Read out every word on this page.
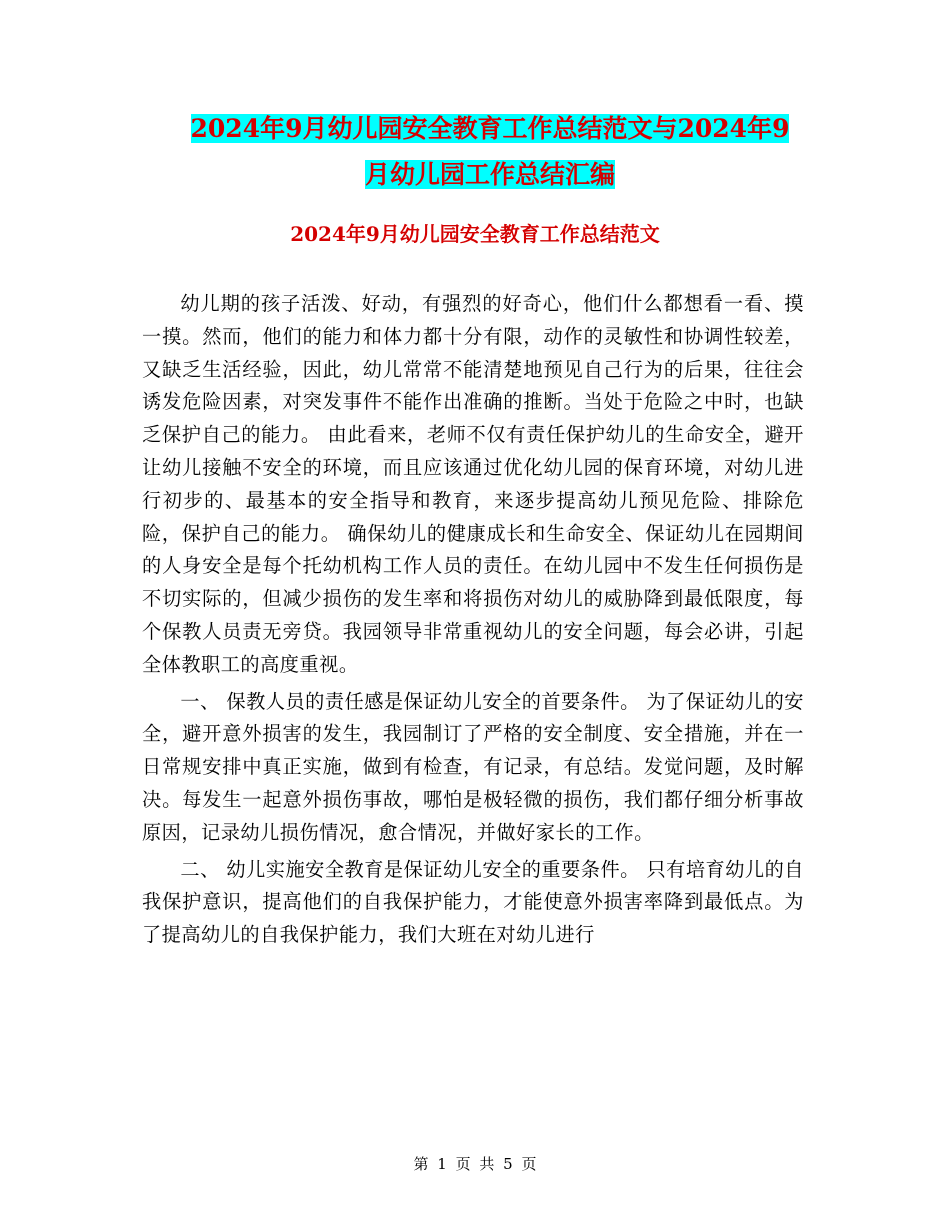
2024年9月幼儿园安全教育工作总结范文与2024年9
月幼儿园工作总结汇编
2024年9月幼儿园安全教育工作总结范文

幼儿期的孩子活泼、好动，有强烈的好奇心，他们什么都想看一看、摸一摸。然而，他们的能力和体力都十分有限，动作的灵敏性和协调性较差，又缺乏生活经验，因此，幼儿常常不能清楚地预见自己行为的后果，往往会诱发危险因素，对突发事件不能作出准确的推断。当处于危险之中时，也缺乏保护自己的能力。 由此看来，老师不仅有责任保护幼儿的生命安全，避开让幼儿接触不安全的环境，而且应该通过优化幼儿园的保育环境，对幼儿进行初步的、最基本的安全指导和教育，来逐步提高幼儿预见危险、排除危险，保护自己的能力。 确保幼儿的健康成长和生命安全、保证幼儿在园期间的人身安全是每个托幼机构工作人员的责任。在幼儿园中不发生任何损伤是不切实际的，但减少损伤的发生率和将损伤对幼儿的威胁降到最低限度，每个保教人员责无旁贷。我园领导非常重视幼儿的安全问题，每会必讲，引起全体教职工的高度重视。

一、 保教人员的责任感是保证幼儿安全的首要条件。 为了保证幼儿的安全，避开意外损害的发生，我园制订了严格的安全制度、安全措施，并在一日常规安排中真正实施，做到有检查，有记录，有总结。发觉问题，及时解决。每发生一起意外损伤事故，哪怕是极轻微的损伤，我们都仔细分析事故原因，记录幼儿损伤情况，愈合情况，并做好家长的工作。

二、 幼儿实施安全教育是保证幼儿安全的重要条件。 只有培育幼儿的自我保护意识，提高他们的自我保护能力，才能使意外损害率降到最低点。为了提高幼儿的自我保护能力，我们大班在对幼儿进行

第 1 页 共 5 页
